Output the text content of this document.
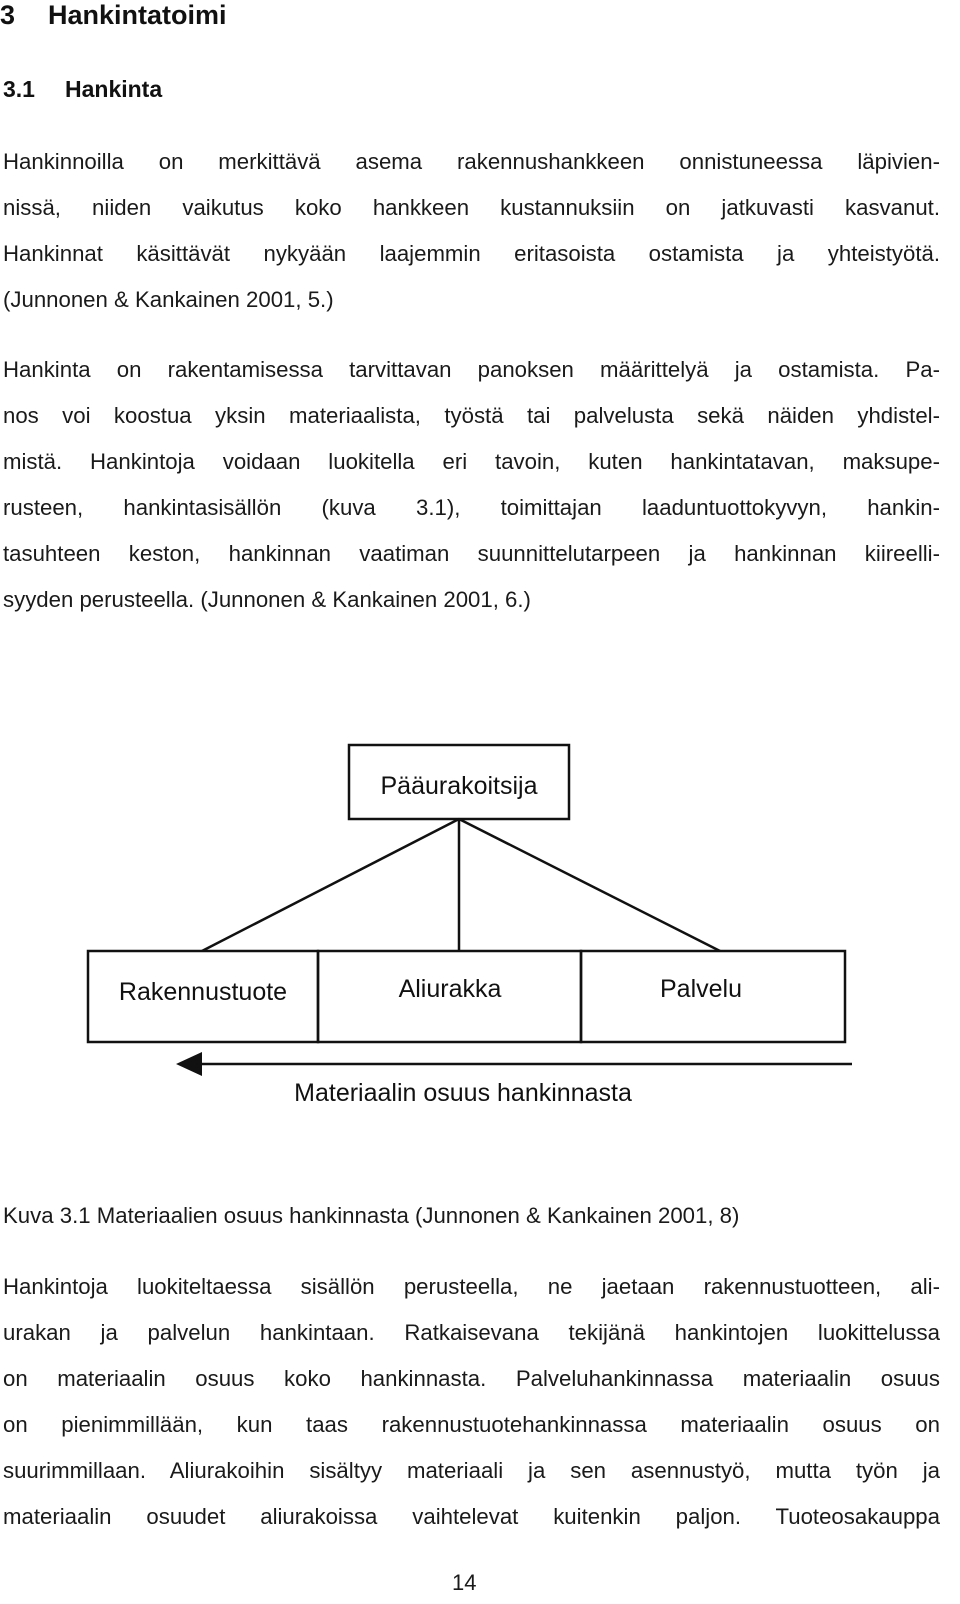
3 Hankintatoimi
3.1 Hankinta
Hankinnoilla on merkittävä asema rakennushankkeen onnistuneessa läpivien-
nissä, niiden vaikutus koko hankkeen kustannuksiin on jatkuvasti kasvanut.
Hankinnat käsittävät nykyään laajemmin eritasoista ostamista ja yhteistyötä.
(Junnonen & Kankainen 2001, 5.)
Hankinta on rakentamisessa tarvittavan panoksen määrittelyä ja ostamista. Pa-
nos voi koostua yksin materiaalista, työstä tai palvelusta sekä näiden yhdistel-
mistä. Hankintoja voidaan luokitella eri tavoin, kuten hankintatavan, maksupe-
rusteen, hankintasisällön (kuva 3.1), toimittajan laaduntuottokyvyn, hankin-
tasuhteen keston, hankinnan vaatiman suunnittelutarpeen ja hankinnan kiireelli-
syyden perusteella. (Junnonen & Kankainen 2001, 6.)
Pääurakoitsija
Rakennustuote	Aliurakka	Palvelu
Materiaalin osuus hankinnasta
Kuva 3.1 Materiaalien osuus hankinnasta (Junnonen & Kankainen 2001, 8)
Hankintoja luokiteltaessa sisällön perusteella, ne jaetaan rakennustuotteen, ali-
urakan ja palvelun hankintaan. Ratkaisevana tekijänä hankintojen luokittelussa
on materiaalin osuus koko hankinnasta. Palveluhankinnassa materiaalin osuus
on pienimmillään, kun taas rakennustuotehankinnassa materiaalin osuus on
suurimmillaan. Aliurakoihin sisältyy materiaali ja sen asennustyö, mutta työn ja
materiaalin osuudet aliurakoissa vaihtelevat kuitenkin paljon. Tuoteosakauppa
14
